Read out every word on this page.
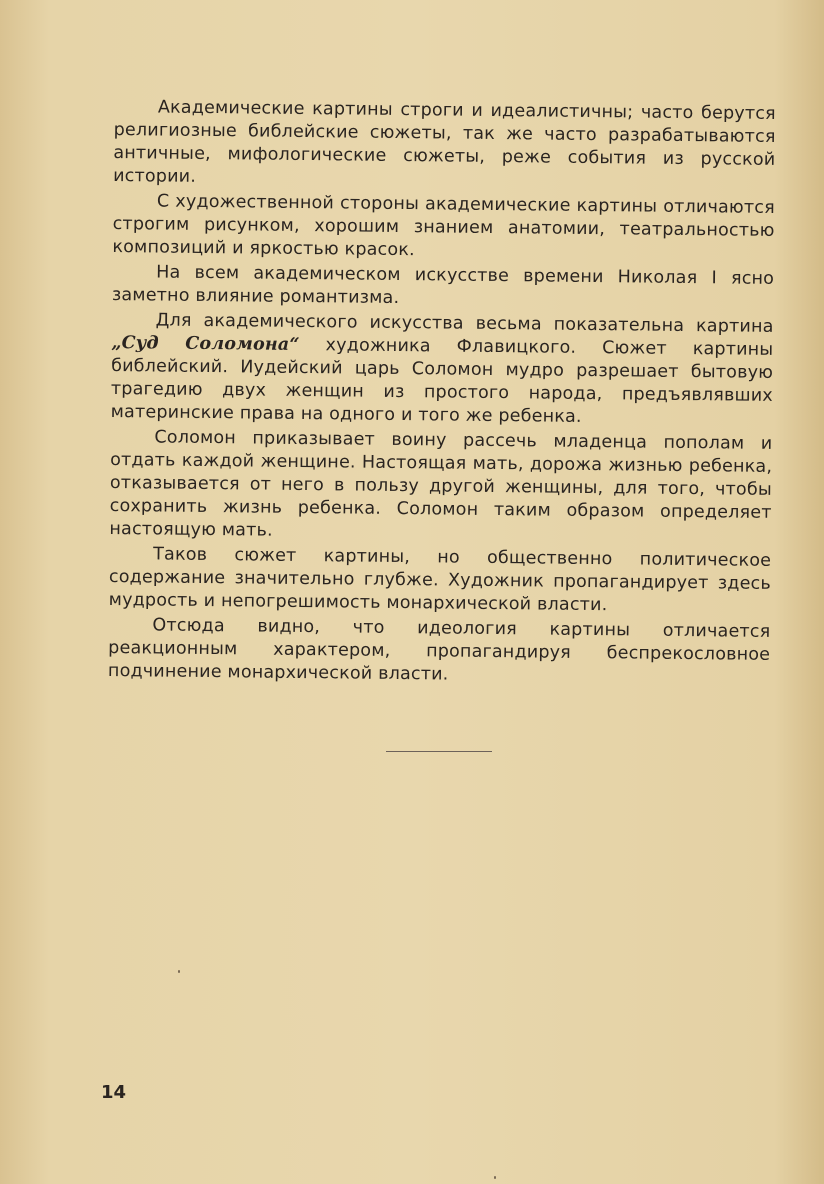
Академические картины строги и идеалистичны; часто берутся религиозные библейские сюжеты, так же часто разрабатываются античные, мифологические сюжеты, реже события из русской истории.

С художественной стороны академические картины отличаются строгим рисунком, хорошим знанием анатомии, театральностью композиций и яркостью красок.

На всем академическом искусстве времени Николая I ясно заметно влияние романтизма.

Для академического искусства весьма показательна картина „Суд Соломона“ художника Флавицкого. Сюжет картины библейский. Иудейский царь Соломон мудро разрешает бытовую трагедию двух женщин из простого народа, предъявлявших материнские права на одного и того же ребенка.

Соломон приказывает воину рассечь младенца пополам и отдать каждой женщине. Настоящая мать, дорожа жизнью ребенка, отказывается от него в пользу другой женщины, для того, чтобы сохранить жизнь ребенка. Соломон таким образом определяет настоящую мать.

Таков сюжет картины, но общественно политическое содержание значительно глубже. Художник пропагандирует здесь мудрость и непогрешимость монархической власти.

Отсюда видно, что идеология картины отличается реакционным характером, пропагандируя беспрекословное подчинение монархической власти.

14
